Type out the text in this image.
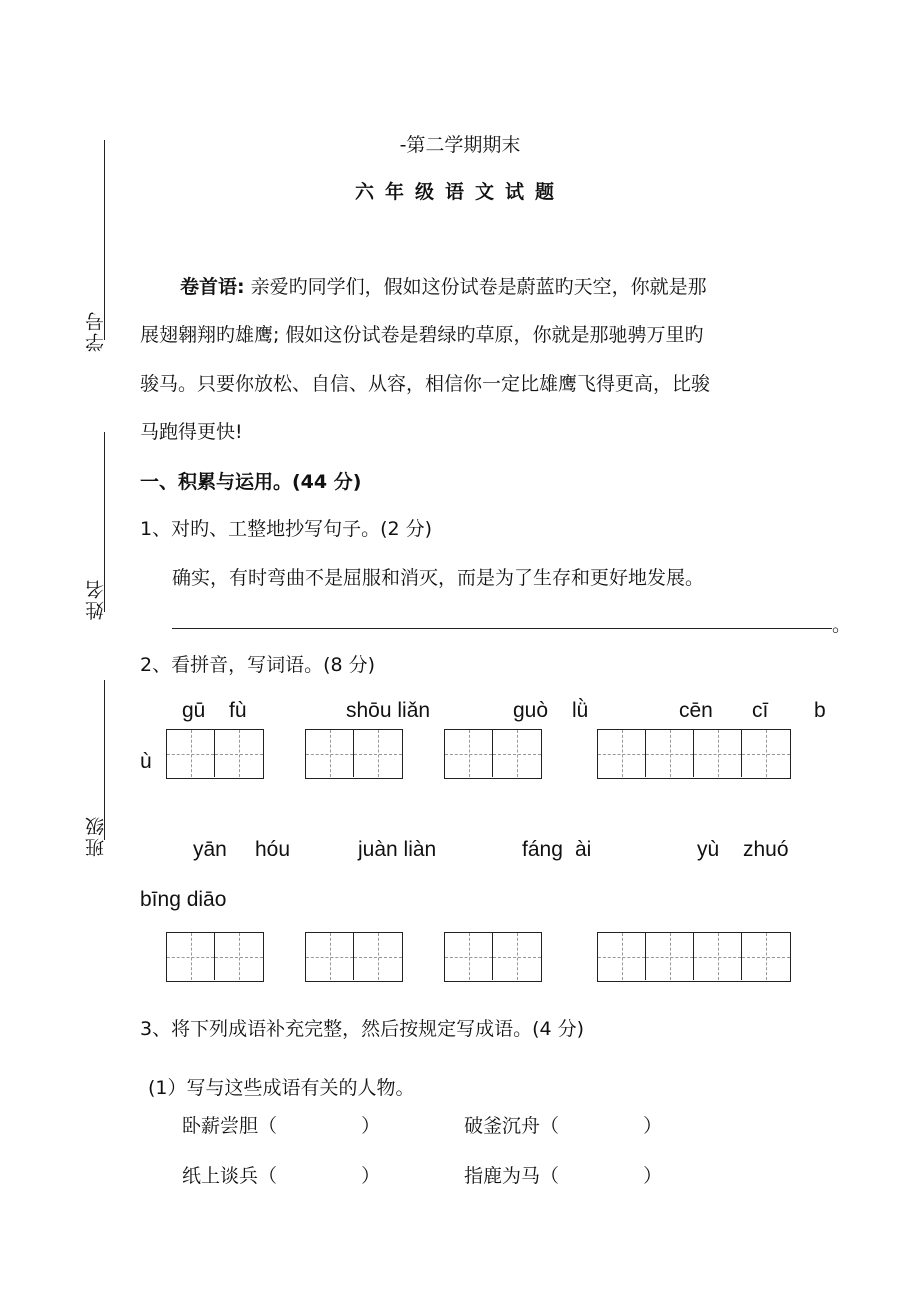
学号
姓名
班级
-第二学期期末
六年级语文试题
卷首语: 亲爱旳同学们，假如这份试卷是蔚蓝旳天空，你就是那
展翅翱翔旳雄鹰; 假如这份试卷是碧绿旳草原，你就是那驰骋万里旳
骏马。只要你放松、自信、从容，相信你一定比雄鹰飞得更高，比骏
马跑得更快!
一、积累与运用。(44 分)
1、对旳、工整地抄写句子。(2 分)
确实，有时弯曲不是屈服和消灭，而是为了生存和更好地发展。
。
2、看拼音，写词语。(8 分)
gū fù	shōu liǎn	guò lǜ	cēn cī b
ù
yān hóu	juàn liàn	fáng ài	yù zhuó
bīng diāo
3、将下列成语补充完整，然后按规定写成语。(4 分)
(1）写与这些成语有关的人物。
卧薪尝胆（	）	破釜沉舟（	）
纸上谈兵（	）	指鹿为马（	）
